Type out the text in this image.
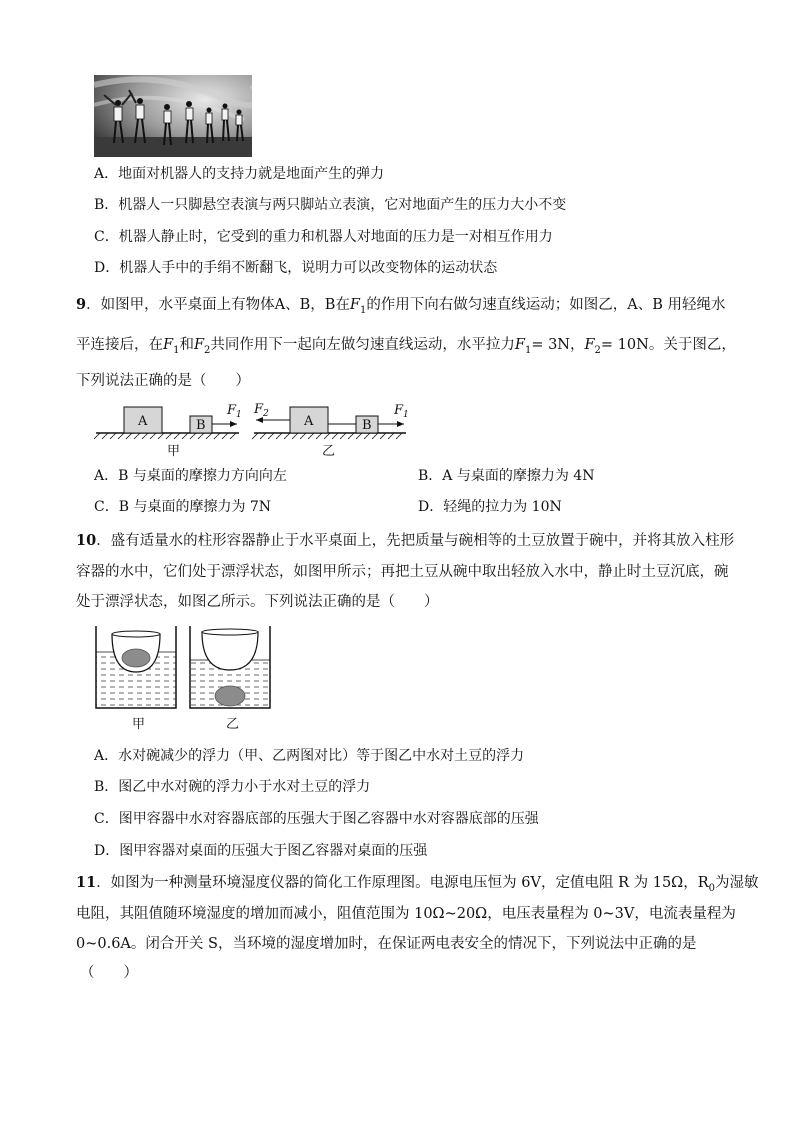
A．地面对机器人的支持力就是地面产生的弹力
B．机器人一只脚悬空表演与两只脚站立表演，它对地面产生的压力大小不变
C．机器人静止时，它受到的重力和机器人对地面的压力是一对相互作用力
D．机器人手中的手绢不断翻飞，说明力可以改变物体的运动状态
9．如图甲，水平桌面上有物体A、B，B在$F_1$的作用下向右做匀速直线运动；如图乙，A、B 用轻绳水
平连接后，在$F_1$和$F_2$共同作用下一起向左做匀速直线运动，水平拉力$F_1= 3N$，$F_2= 10N$。关于图乙，
下列说法正确的是（　　）
A	B
$F_1$
甲
$F_2$	A	B
$F_1$
乙
A．B 与桌面的摩擦力方向向左	B．A 与桌面的摩擦力为 4N
C．B 与桌面的摩擦力为 7N	D．轻绳的拉力为 10N
10．盛有适量水的柱形容器静止于水平桌面上，先把质量与碗相等的土豆放置于碗中，并将其放入柱形
容器的水中，它们处于漂浮状态，如图甲所示；再把土豆从碗中取出轻放入水中，静止时土豆沉底，碗
处于漂浮状态，如图乙所示。下列说法正确的是（　　）
甲	乙
A．水对碗减少的浮力（甲、乙两图对比）等于图乙中水对土豆的浮力
B．图乙中水对碗的浮力小于水对土豆的浮力
C．图甲容器中水对容器底部的压强大于图乙容器中水对容器底部的压强
D．图甲容器对桌面的压强大于图乙容器对桌面的压强
11．如图为一种测量环境湿度仪器的简化工作原理图。电源电压恒为 6V，定值电阻 R 为 15Ω，$R_0$为湿敏
电阻，其阻值随环境湿度的增加而减小，阻值范围为 10Ω~20Ω，电压表量程为 0~3V，电流表量程为
0~0.6A。闭合开关 S，当环境的湿度增加时，在保证两电表安全的情况下，下列说法中正确的是
（　　）
